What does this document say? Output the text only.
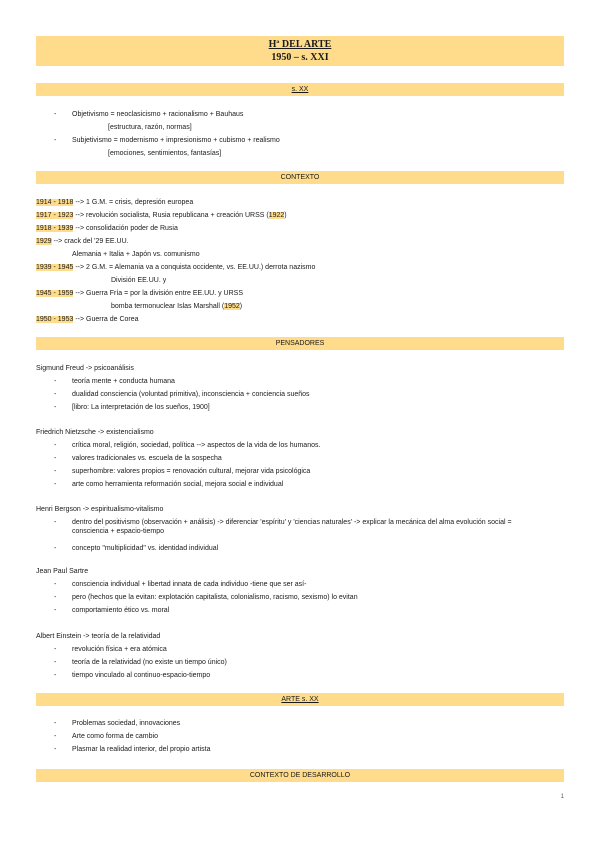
Hª DEL ARTE
1950 – s. XXI
s. XX
- Objetivismo = neoclasicismo + racionalismo + Bauhaus
[estructura, razón, normas]
- Subjetivismo = modernismo + impresionismo + cubismo + realismo
[emociones, sentimientos, fantasías]
CONTEXTO
1914 - 1918 --> 1 G.M. = crisis, depresión europea
1917 - 1923 --> revolución socialista, Rusia republicana + creación URSS (1922)
1918 - 1939 --> consolidación poder de Rusia
1929 --> crack del '29 EE.UU.
Alemania + Italia + Japón vs. comunismo
1939 - 1945 --> 2 G.M. = Alemania va a conquista occidente, vs. EE.UU.) derrota nazismo
División EE.UU. y
1945 - 1959 --> Guerra Fría = por la división entre EE.UU. y URSS
bomba termonuclear Islas Marshall (1952)
1950 - 1953 --> Guerra de Corea
PENSADORES
Sigmund Freud -> psicoanálisis
- teoría mente + conducta humana
- dualidad consciencia (voluntad primitiva), inconsciencia + conciencia sueños
- [libro: La interpretación de los sueños, 1900]
Friedrich Nietzsche -> existencialismo
- crítica moral, religión, sociedad, política --> aspectos de la vida de los humanos.
- valores tradicionales vs. escuela de la sospecha
- superhombre: valores propios = renovación cultural, mejorar vida psicológica
- arte como herramienta reformación social, mejora social e individual
Henri Bergson -> espiritualismo-vitalismo
- dentro del positivismo (observación + análisis) -> diferenciar 'espíritu' y 'ciencias naturales' -> explicar la mecánica del alma evolución social = consciencia + espacio-tiempo
- concepto "multiplicidad" vs. identidad individual
Jean Paul Sartre
- consciencia individual + libertad innata de cada individuo -tiene que ser así-
- pero (hechos que la evitan: explotación capitalista, colonialismo, racismo, sexismo) lo evitan
- comportamiento ético vs. moral
Albert Einstein -> teoría de la relatividad
- revolución física + era atómica
- teoría de la relatividad (no existe un tiempo único)
- tiempo vinculado al continuo-espacio-tiempo
ARTE s. XX
- Problemas sociedad, innovaciones
- Arte como forma de cambio
- Plasmar la realidad interior, del propio artista
CONTEXTO DE DESARROLLO
1
